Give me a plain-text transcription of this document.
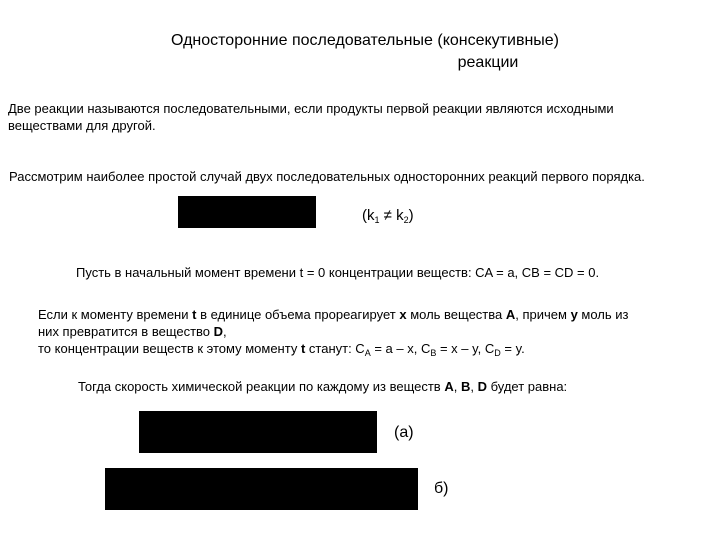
Односторонние последовательные (консекутивные)
реакции
Две реакции называются последовательными, если продукты первой реакции являются исходными
веществами для другой.
Рассмотрим наиболее простой случай двух последовательных односторонних реакций первого порядка.
$(k_1 \ne k_2)$
Пусть в начальный момент времени t = 0 концентрации веществ: CA = a, CB = CD = 0.
Если к моменту времени t в единице объема прореагирует x моль вещества A, причем y моль из
них превратится в вещество D,
то концентрации веществ к этому моменту t станут: $C_A = a - x$, $C_B = x - y$, $C_D = y$.
Тогда скорость химической реакции по каждому из веществ A, B, D будет равна:
(а)
б)
